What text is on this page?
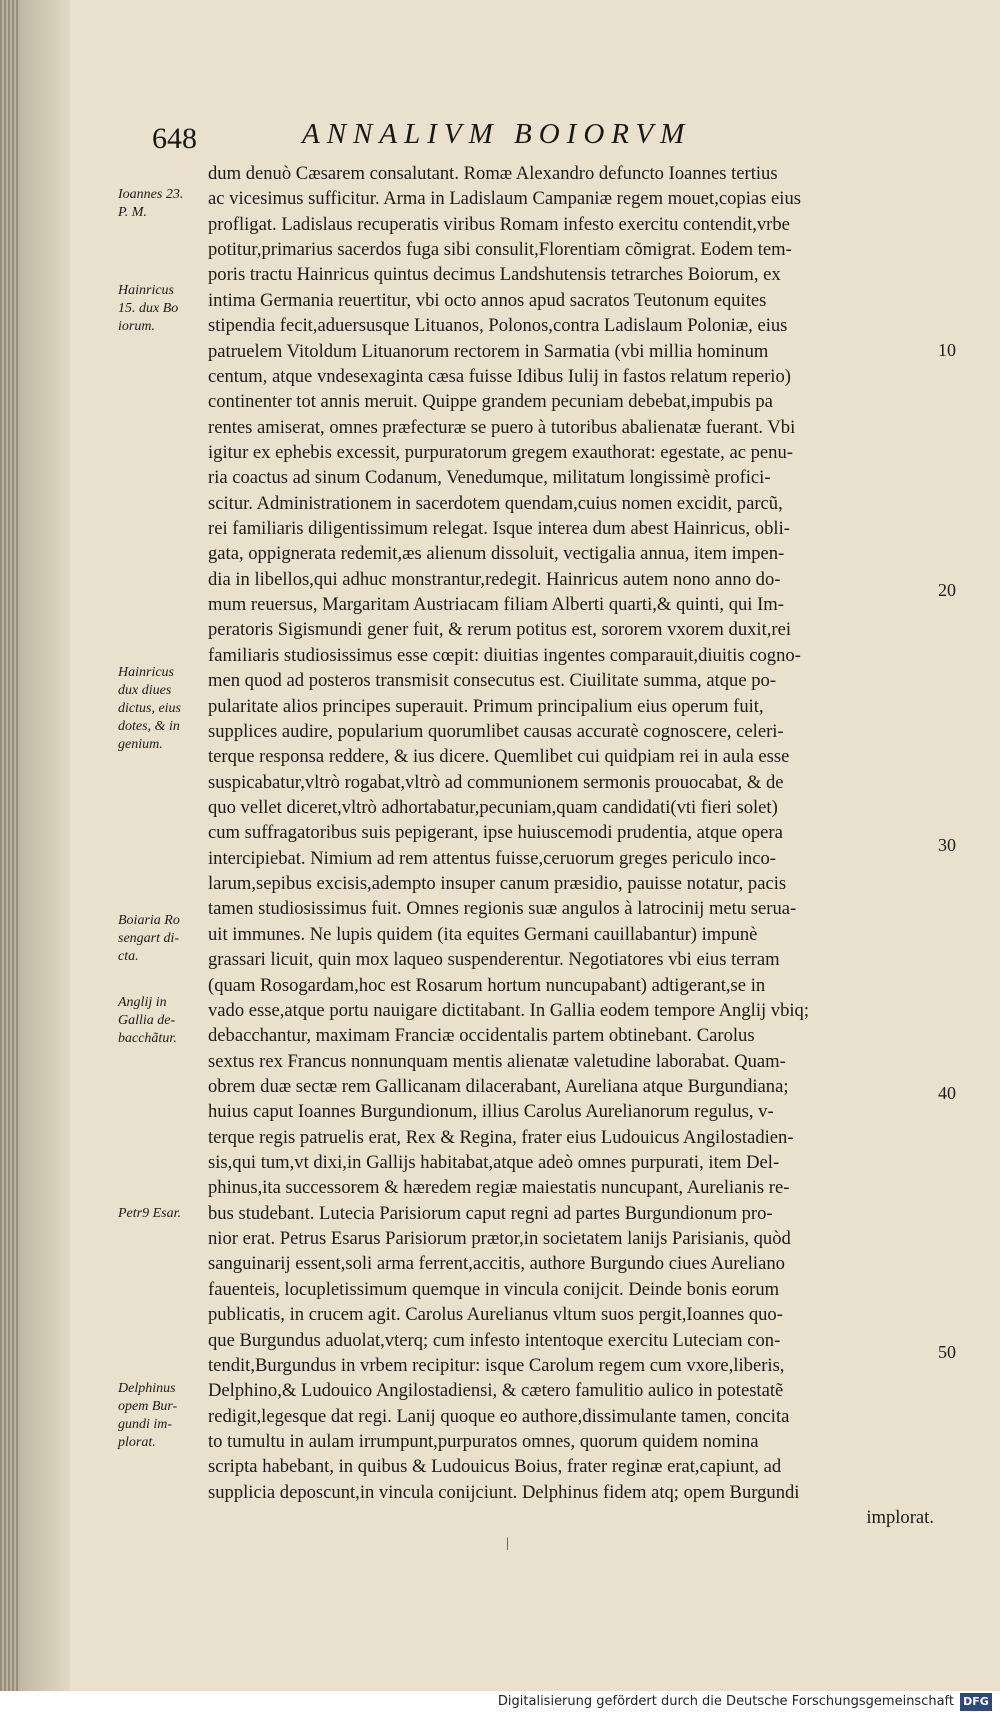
648	ANNALIVM BOIORVM
dum denuò Cæsarem consalutant. Romæ Alexandro defuncto Ioannes tertius
ac vicesimus sufficitur. Arma in Ladislaum Campaniæ regem mouet,copias eius
profligat. Ladislaus recuperatis viribus Romam infesto exercitu contendit,vrbe
potitur,primarius sacerdos fuga sibi consulit,Florentiam cõmigrat. Eodem tem-
poris tractu Hainricus quintus decimus Landshutensis tetrarches Boiorum, ex
intima Germania reuertitur, vbi octo annos apud sacratos Teutonum equites
stipendia fecit,aduersusque Lituanos, Polonos,contra Ladislaum Poloniæ, eius
patruelem Vitoldum Lituanorum rectorem in Sarmatia (vbi millia hominum
centum, atque vndesexaginta cæsa fuisse Idibus Iulij in fastos relatum reperio)
continenter tot annis meruit. Quippe grandem pecuniam debebat,impubis pa
rentes amiserat, omnes præfecturæ se puero à tutoribus abalienatæ fuerant. Vbi
igitur ex ephebis excessit, purpuratorum gregem exauthorat: egestate, ac penu-
ria coactus ad sinum Codanum, Venedumque, militatum longissimè profici-
scitur. Administrationem in sacerdotem quendam,cuius nomen excidit, parcũ,
rei familiaris diligentissimum relegat. Isque interea dum abest Hainricus, obli-
gata, oppignerata redemit,æs alienum dissoluit, vectigalia annua, item impen-
dia in libellos,qui adhuc monstrantur,redegit. Hainricus autem nono anno do-
mum reuersus, Margaritam Austriacam filiam Alberti quarti,& quinti, qui Im-
peratoris Sigismundi gener fuit, & rerum potitus est, sororem vxorem duxit,rei
familiaris studiosissimus esse cœpit: diuitias ingentes comparauit,diuitis cogno-
men quod ad posteros transmisit consecutus est. Ciuilitate summa, atque po-
pularitate alios principes superauit. Primum principalium eius operum fuit,
supplices audire, popularium quorumlibet causas accuratè cognoscere, celeri-
terque responsa reddere, & ius dicere. Quemlibet cui quidpiam rei in aula esse
suspicabatur,vltrò rogabat,vltrò ad communionem sermonis prouocabat, & de
quo vellet diceret,vltrò adhortabatur,pecuniam,quam candidati(vti fieri solet)
cum suffragatoribus suis pepigerant, ipse huiuscemodi prudentia, atque opera
intercipiebat. Nimium ad rem attentus fuisse,ceruorum greges periculo inco-
larum,sepibus excisis,adempto insuper canum præsidio, pauisse notatur, pacis
tamen studiosissimus fuit. Omnes regionis suæ angulos à latrocinij metu serua-
uit immunes. Ne lupis quidem (ita equites Germani cauillabantur) impunè
grassari licuit, quin mox laqueo suspenderentur. Negotiatores vbi eius terram
(quam Rosogardam,hoc est Rosarum hortum nuncupabant) adtigerant,se in
vado esse,atque portu nauigare dictitabant. In Gallia eodem tempore Anglij vbiq;
debacchantur, maximam Franciæ occidentalis partem obtinebant. Carolus
sextus rex Francus nonnunquam mentis alienatæ valetudine laborabat. Quam-
obrem duæ sectæ rem Gallicanam dilacerabant, Aureliana atque Burgundiana;
huius caput Ioannes Burgundionum, illius Carolus Aurelianorum regulus, v-
terque regis patruelis erat, Rex & Regina, frater eius Ludouicus Angilostadien-
sis,qui tum,vt dixi,in Gallijs habitabat,atque adeò omnes purpurati, item Del-
phinus,ita successorem & hæredem regiæ maiestatis nuncupant, Aurelianis re-
bus studebant. Lutecia Parisiorum caput regni ad partes Burgundionum pro-
nior erat. Petrus Esarus Parisiorum prætor,in societatem lanijs Parisianis, quòd
sanguinarij essent,soli arma ferrent,accitis, authore Burgundo ciues Aureliano
fauenteis, locupletissimum quemque in vincula conijcit. Deinde bonis eorum
publicatis, in crucem agit. Carolus Aurelianus vltum suos pergit,Ioannes quo-
que Burgundus aduolat,vterq; cum infesto intentoque exercitu Luteciam con-
tendit,Burgundus in vrbem recipitur: isque Carolum regem cum vxore,liberis,
Delphino,& Ludouico Angilostadiensi, & cætero famulitio aulico in potestatẽ
redigit,legesque dat regi. Lanij quoque eo authore,dissimulante tamen, concita
to tumultu in aulam irrumpunt,purpuratos omnes, quorum quidem nomina
scripta habebant, in quibus & Ludouicus Boius, frater reginæ erat,capiunt, ad
supplicia deposcunt,in vincula conijciunt. Delphinus fidem atq; opem Burgundi
implorat.
Ioannes 23.
P. M.
Hainricus
15. dux Bo
iorum.
Hainricus
dux diues
dictus, eius
dotes, & in
genium.
Boiaria Ro
sengart di-
cta.
Anglij in
Gallia de-
bacchãtur.
Petr9 Esar.
Delphinus
opem Bur-
gundi im-
plorat.
10
20
30
40
50
|
Digitalisierung gefördert durch die Deutsche Forschungsgemeinschaft DFG
